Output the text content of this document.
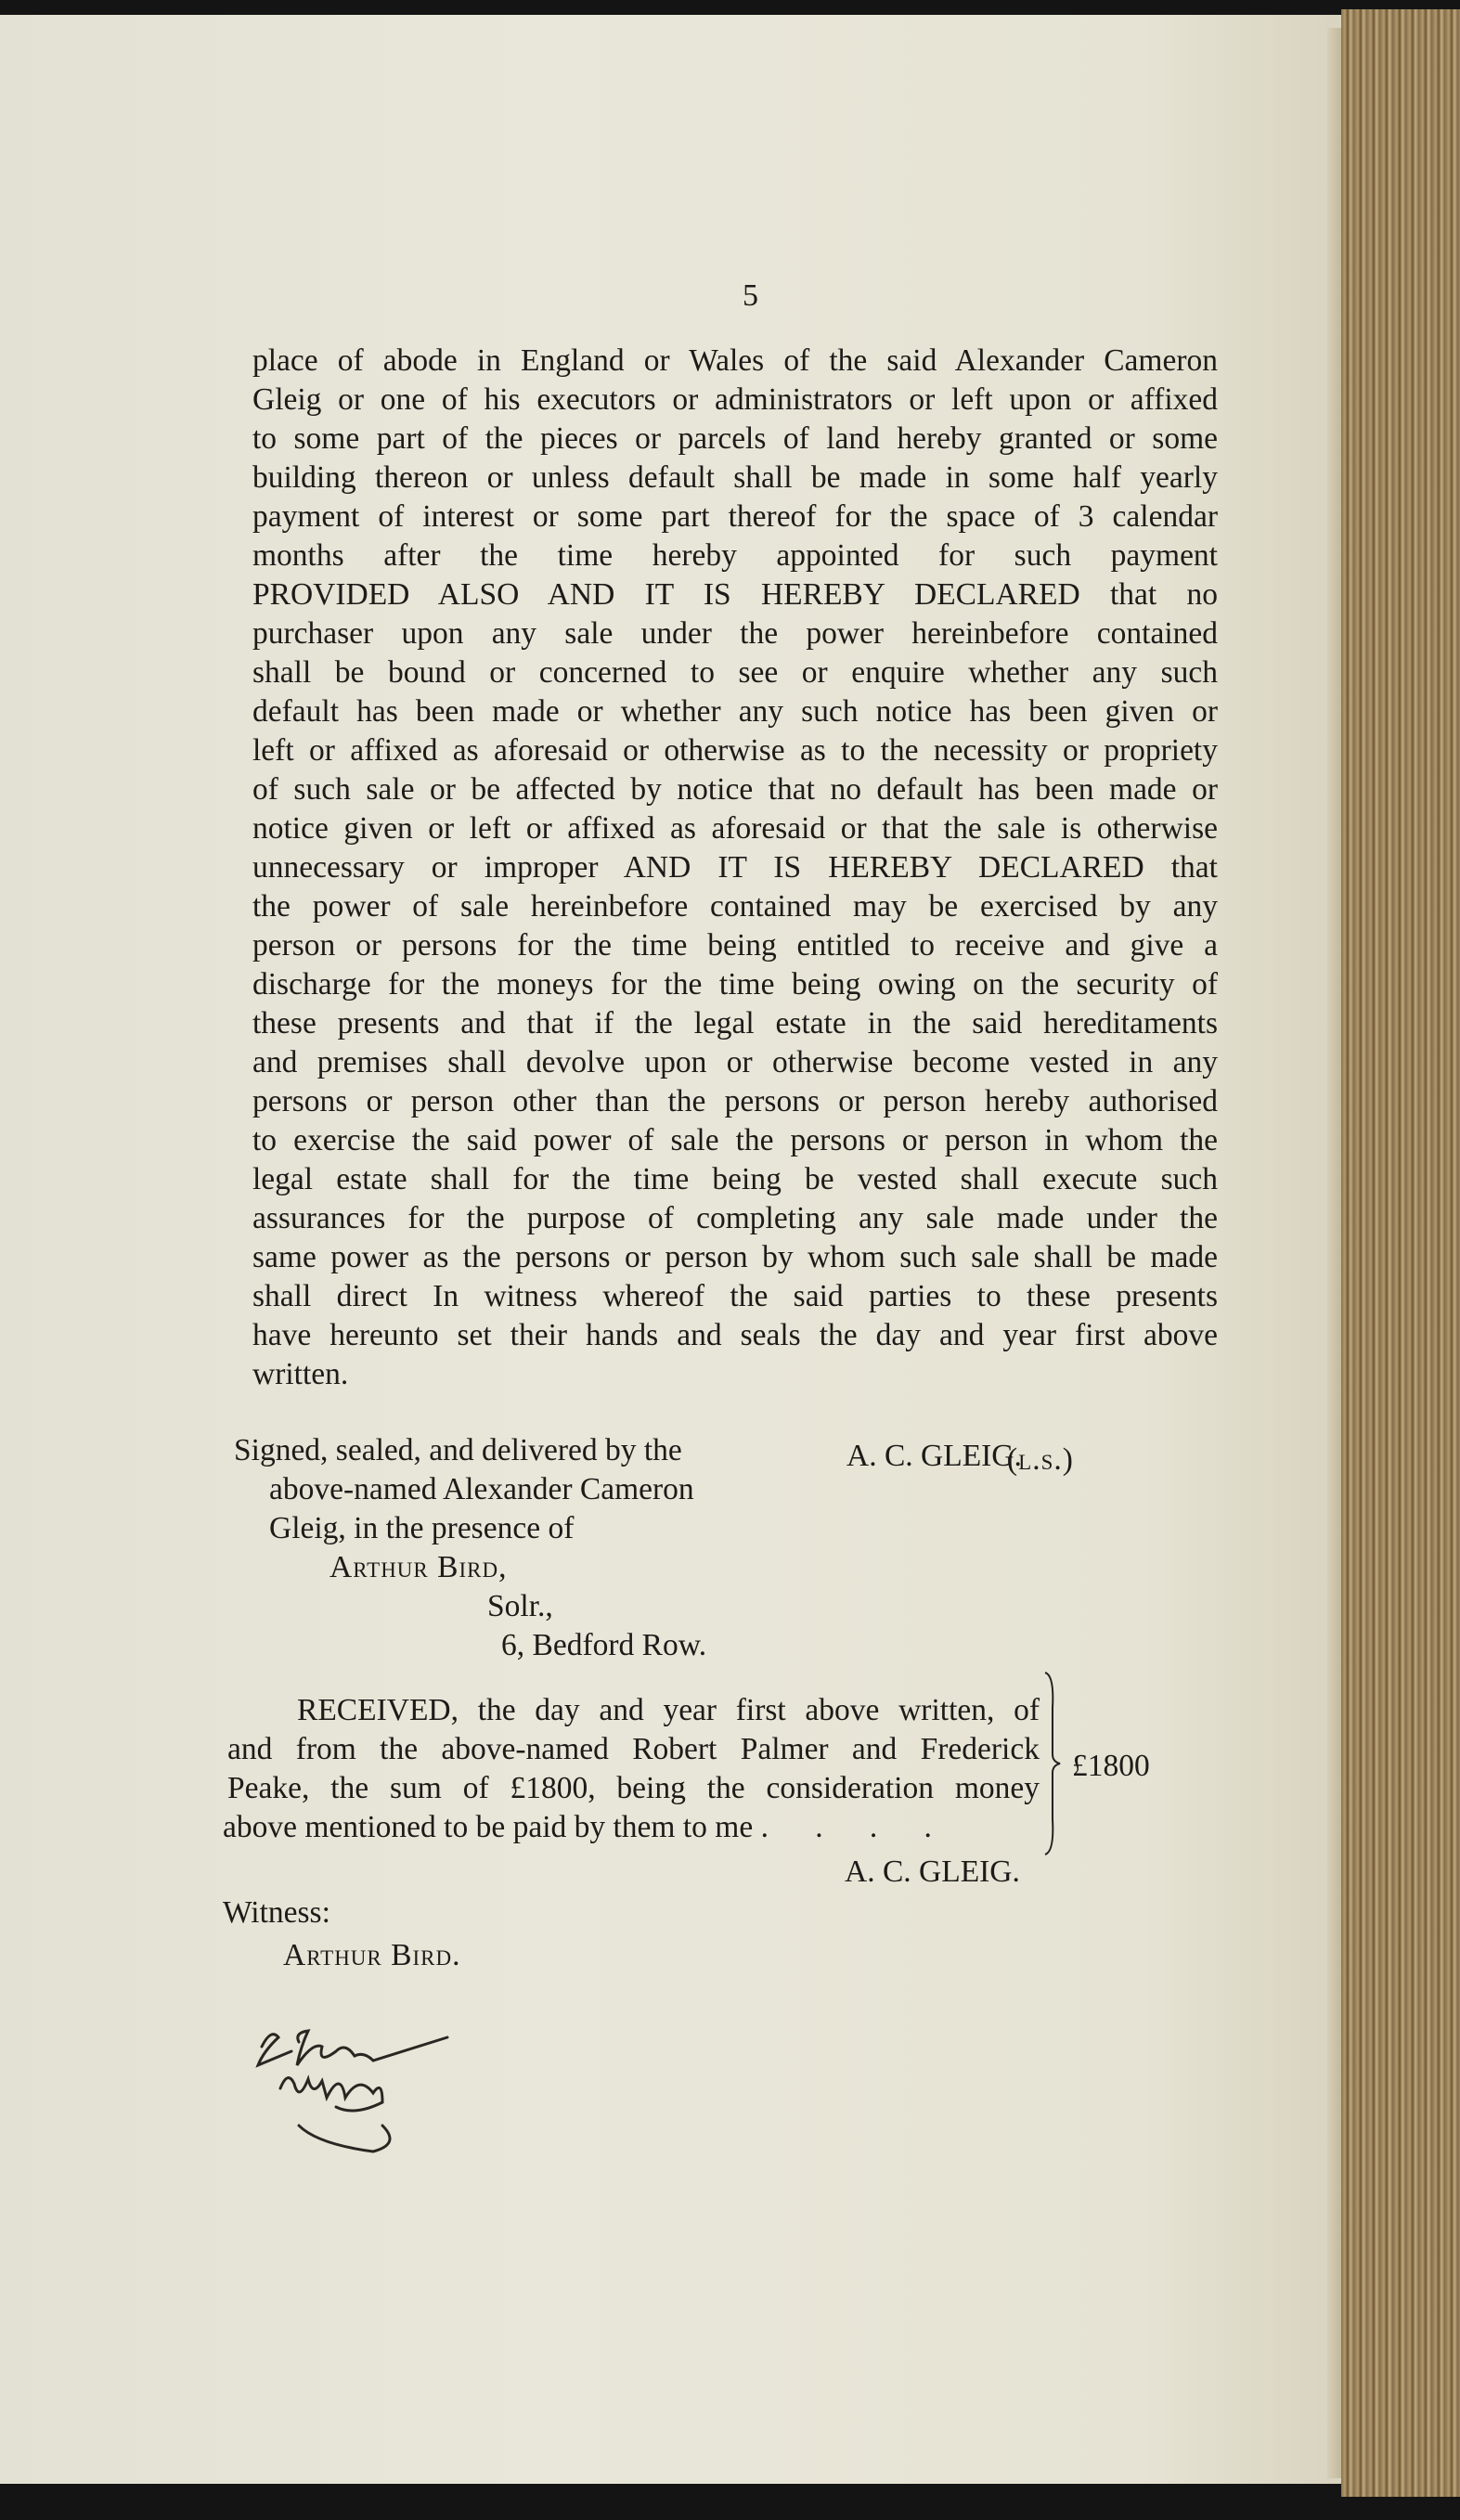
5
place of abode in England or Wales of the said Alexander Cameron
Gleig or one of his executors or administrators or left upon or affixed
to some part of the pieces or parcels of land hereby granted or some
building thereon or unless default shall be made in some half yearly
payment of interest or some part thereof for the space of 3 calendar
months after the time hereby appointed for such payment
PROVIDED ALSO AND IT IS HEREBY DECLARED that no
purchaser upon any sale under the power hereinbefore contained
shall be bound or concerned to see or enquire whether any such
default has been made or whether any such notice has been given or
left or affixed as aforesaid or otherwise as to the necessity or propriety
of such sale or be affected by notice that no default has been made or
notice given or left or affixed as aforesaid or that the sale is otherwise
unnecessary or improper AND IT IS HEREBY DECLARED that
the power of sale hereinbefore contained may be exercised by any
person or persons for the time being entitled to receive and give a
discharge for the moneys for the time being owing on the security of
these presents and that if the legal estate in the said hereditaments
and premises shall devolve upon or otherwise become vested in any
persons or person other than the persons or person hereby authorised
to exercise the said power of sale the persons or person in whom the
legal estate shall for the time being be vested shall execute such
assurances for the purpose of completing any sale made under the
same power as the persons or person by whom such sale shall be made
shall direct In witness whereof the said parties to these presents
have hereunto set their hands and seals the day and year first above
written.
Signed, sealed, and delivered by the
above-named Alexander Cameron
Gleig, in the presence of
Arthur Bird,
Solr.,
6, Bedford Row.
A. C. GLEIG.
(l.s.)
RECEIVED, the day and year first above written, of
and from the above-named Robert Palmer and Frederick
Peake, the sum of £1800, being the consideration money
above mentioned to be paid by them to me .      .      .      .
£1800
A. C. GLEIG.
Witness:
Arthur Bird.
